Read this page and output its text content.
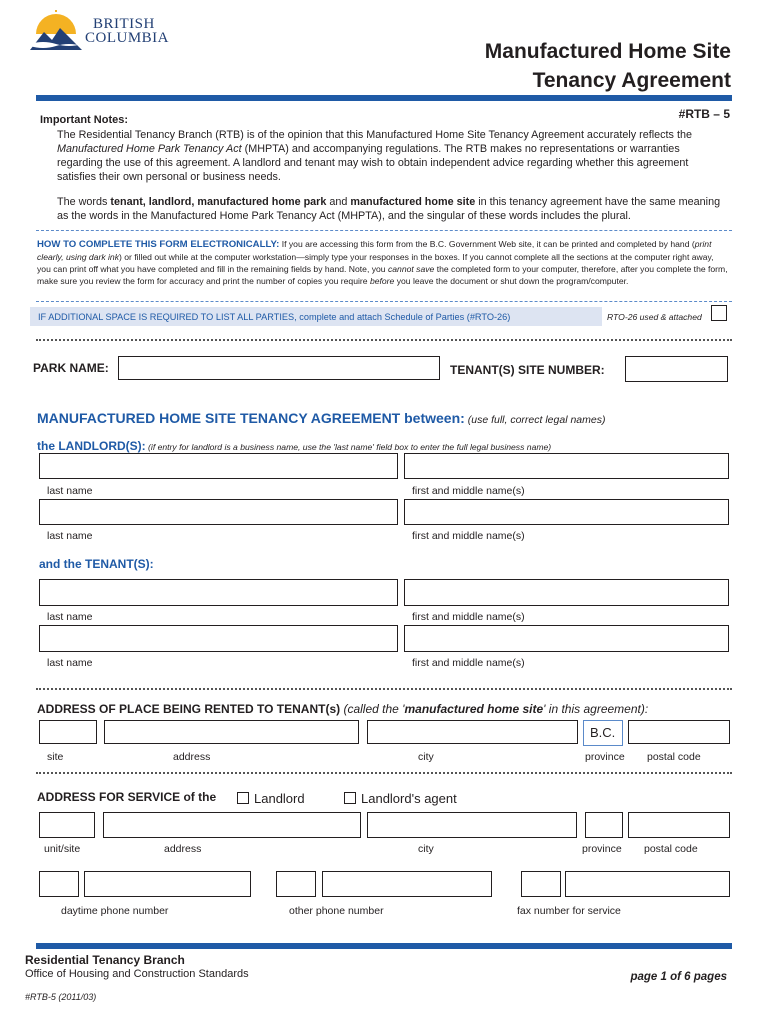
BRITISH
COLUMBIA
Manufactured Home Site
Tenancy Agreement
#RTB – 5
Important Notes:
The Residential Tenancy Branch (RTB) is of the opinion that this Manufactured Home Site Tenancy Agreement accurately reflects the Manufactured Home Park Tenancy Act (MHPTA) and accompanying regulations. The RTB makes no representations or warranties regarding the use of this agreement. A landlord and tenant may wish to obtain independent advice regarding whether this agreement satisfies their own personal or business needs.
The words tenant, landlord, manufactured home park and manufactured home site in this tenancy agreement have the same meaning as the words in the Manufactured Home Park Tenancy Act (MHPTA), and the singular of these words includes the plural.
HOW TO COMPLETE THIS FORM ELECTRONICALLY: If you are accessing this form from the B.C. Government Web site, it can be printed and completed by hand (print clearly, using dark ink) or filled out while at the computer workstation—simply type your responses in the boxes. If you cannot complete all the sections at the computer right away, you can print off what you have completed and fill in the remaining fields by hand. Note, you cannot save the completed form to your computer, therefore, after you complete the form, make sure you review the form for accuracy and print the number of copies you require before you leave the document or shut down the program/computer.
IF ADDITIONAL SPACE IS REQUIRED TO LIST ALL PARTIES, complete and attach Schedule of Parties (#RTO-26)	RTO-26 used & attached
PARK NAME:	TENANT(S) SITE NUMBER:
MANUFACTURED HOME SITE TENANCY AGREEMENT between: (use full, correct legal names)
the LANDLORD(S): (if entry for landlord is a business name, use the 'last name' field box to enter the full legal business name)
last name	first and middle name(s)
last name	first and middle name(s)
and the TENANT(S):
last name	first and middle name(s)
last name	first and middle name(s)
ADDRESS OF PLACE BEING RENTED TO TENANT(s) (called the 'manufactured home site' in this agreement):
B.C.
site	address	city	province postal code
ADDRESS FOR SERVICE of the	Landlord	Landlord's agent
unit/site	address	city	province postal code
daytime phone number	other phone number	fax number for service
Residential Tenancy Branch
Office of Housing and Construction Standards	page 1 of 6 pages
#RTB-5 (2011/03)
